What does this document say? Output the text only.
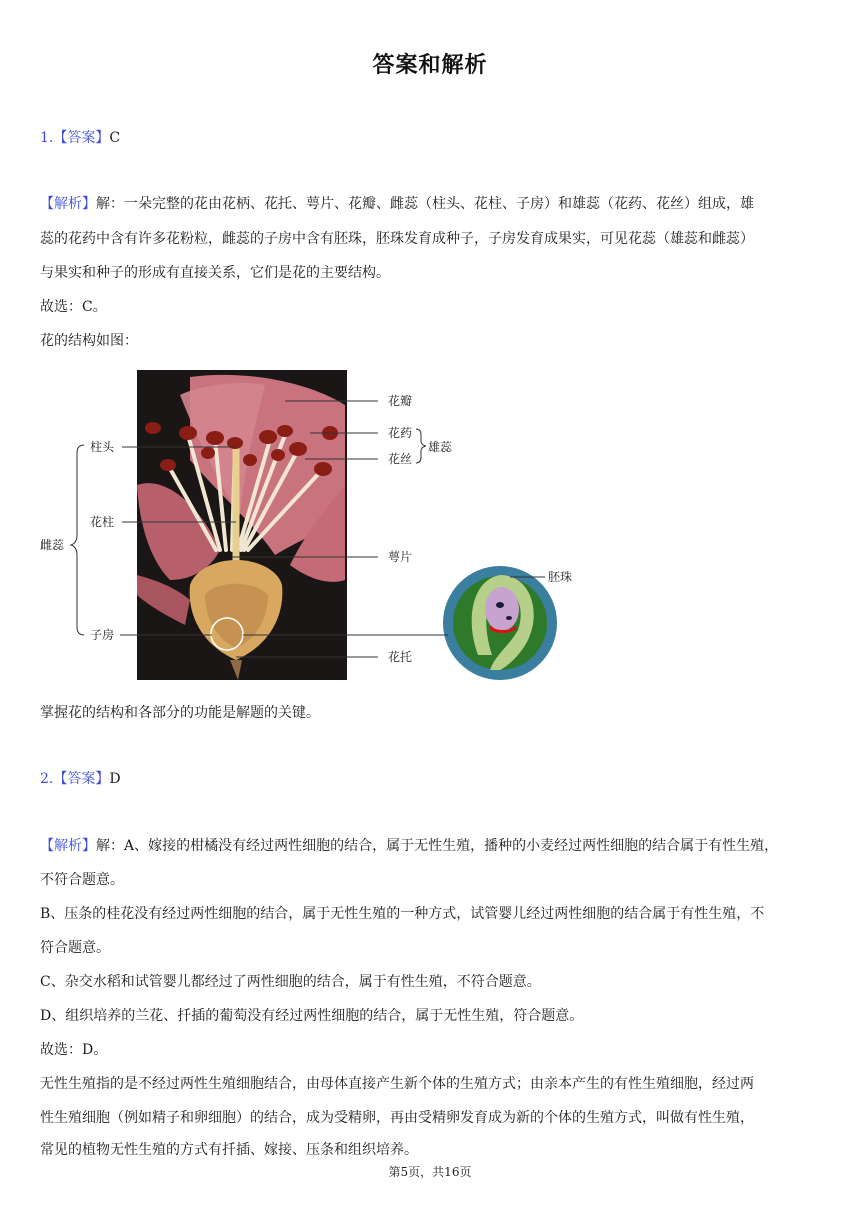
答案和解析
1.【答案】C
【解析】解：一朵完整的花由花柄、花托、萼片、花瓣、雌蕊（柱头、花柱、子房）和雄蕊（花药、花丝）组成，雄
蕊的花药中含有许多花粉粒，雌蕊的子房中含有胚珠，胚珠发育成种子，子房发育成果实，可见花蕊（雄蕊和雌蕊）
与果实和种子的形成有直接关系，它们是花的主要结构。
故选：C。
花的结构如图：
花瓣
花药
花丝
雄蕊
柱头
花柱
雌蕊
萼片
胚珠
子房
花托
掌握花的结构和各部分的功能是解题的关键。
2.【答案】D
【解析】解：A、嫁接的柑橘没有经过两性细胞的结合，属于无性生殖，播种的小麦经过两性细胞的结合属于有性生殖，
不符合题意。
B、压条的桂花没有经过两性细胞的结合，属于无性生殖的一种方式，试管婴儿经过两性细胞的结合属于有性生殖，不
符合题意。
C、杂交水稻和试管婴儿都经过了两性细胞的结合，属于有性生殖，不符合题意。
D、组织培养的兰花、扦插的葡萄没有经过两性细胞的结合，属于无性生殖，符合题意。
故选：D。
无性生殖指的是不经过两性生殖细胞结合，由母体直接产生新个体的生殖方式；由亲本产生的有性生殖细胞，经过两
性生殖细胞（例如精子和卵细胞）的结合，成为受精卵，再由受精卵发育成为新的个体的生殖方式，叫做有性生殖，
常见的植物无性生殖的方式有扦插、嫁接、压条和组织培养。
第5页，共16页
